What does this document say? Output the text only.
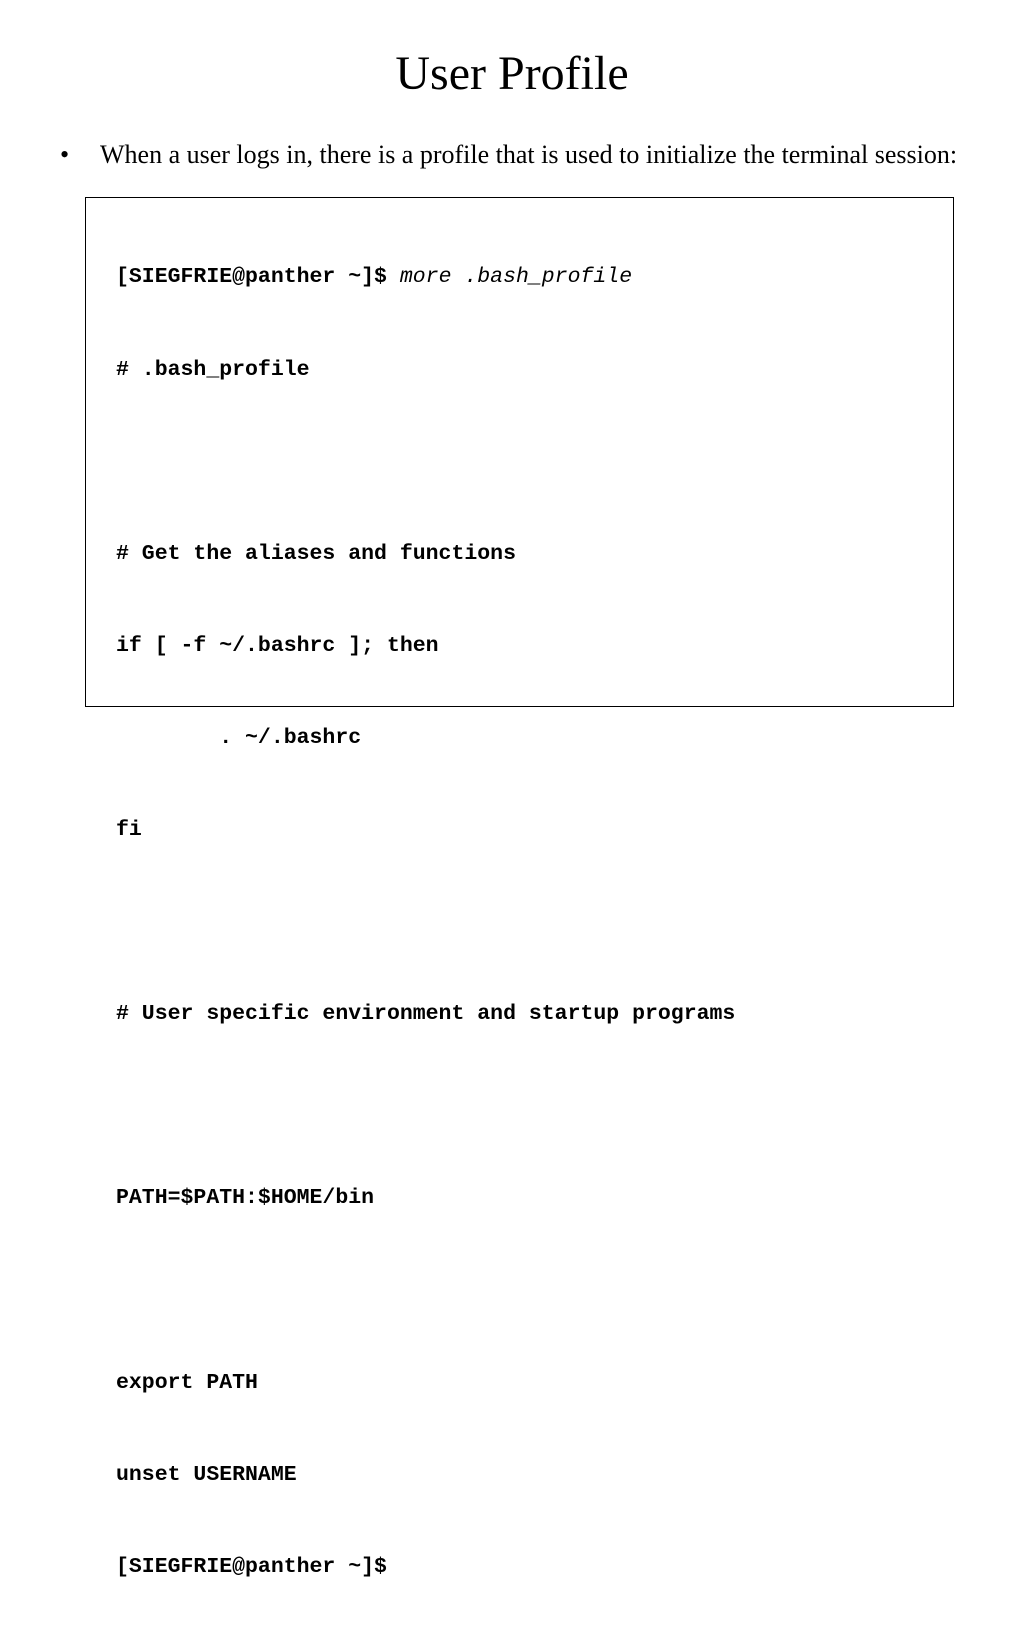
User Profile
• When a user logs in, there is a profile that is used to initialize the terminal session:

[SIEGFRIE@panther ~]$ more .bash_profile

# .bash_profile

# Get the aliases and functions

if [ -f ~/.bashrc ]; then

. ~/.bashrc

fi

# User specific environment and startup programs

PATH=$PATH:$HOME/bin

export PATH

unset USERNAME

[SIEGFRIE@panther ~]$
